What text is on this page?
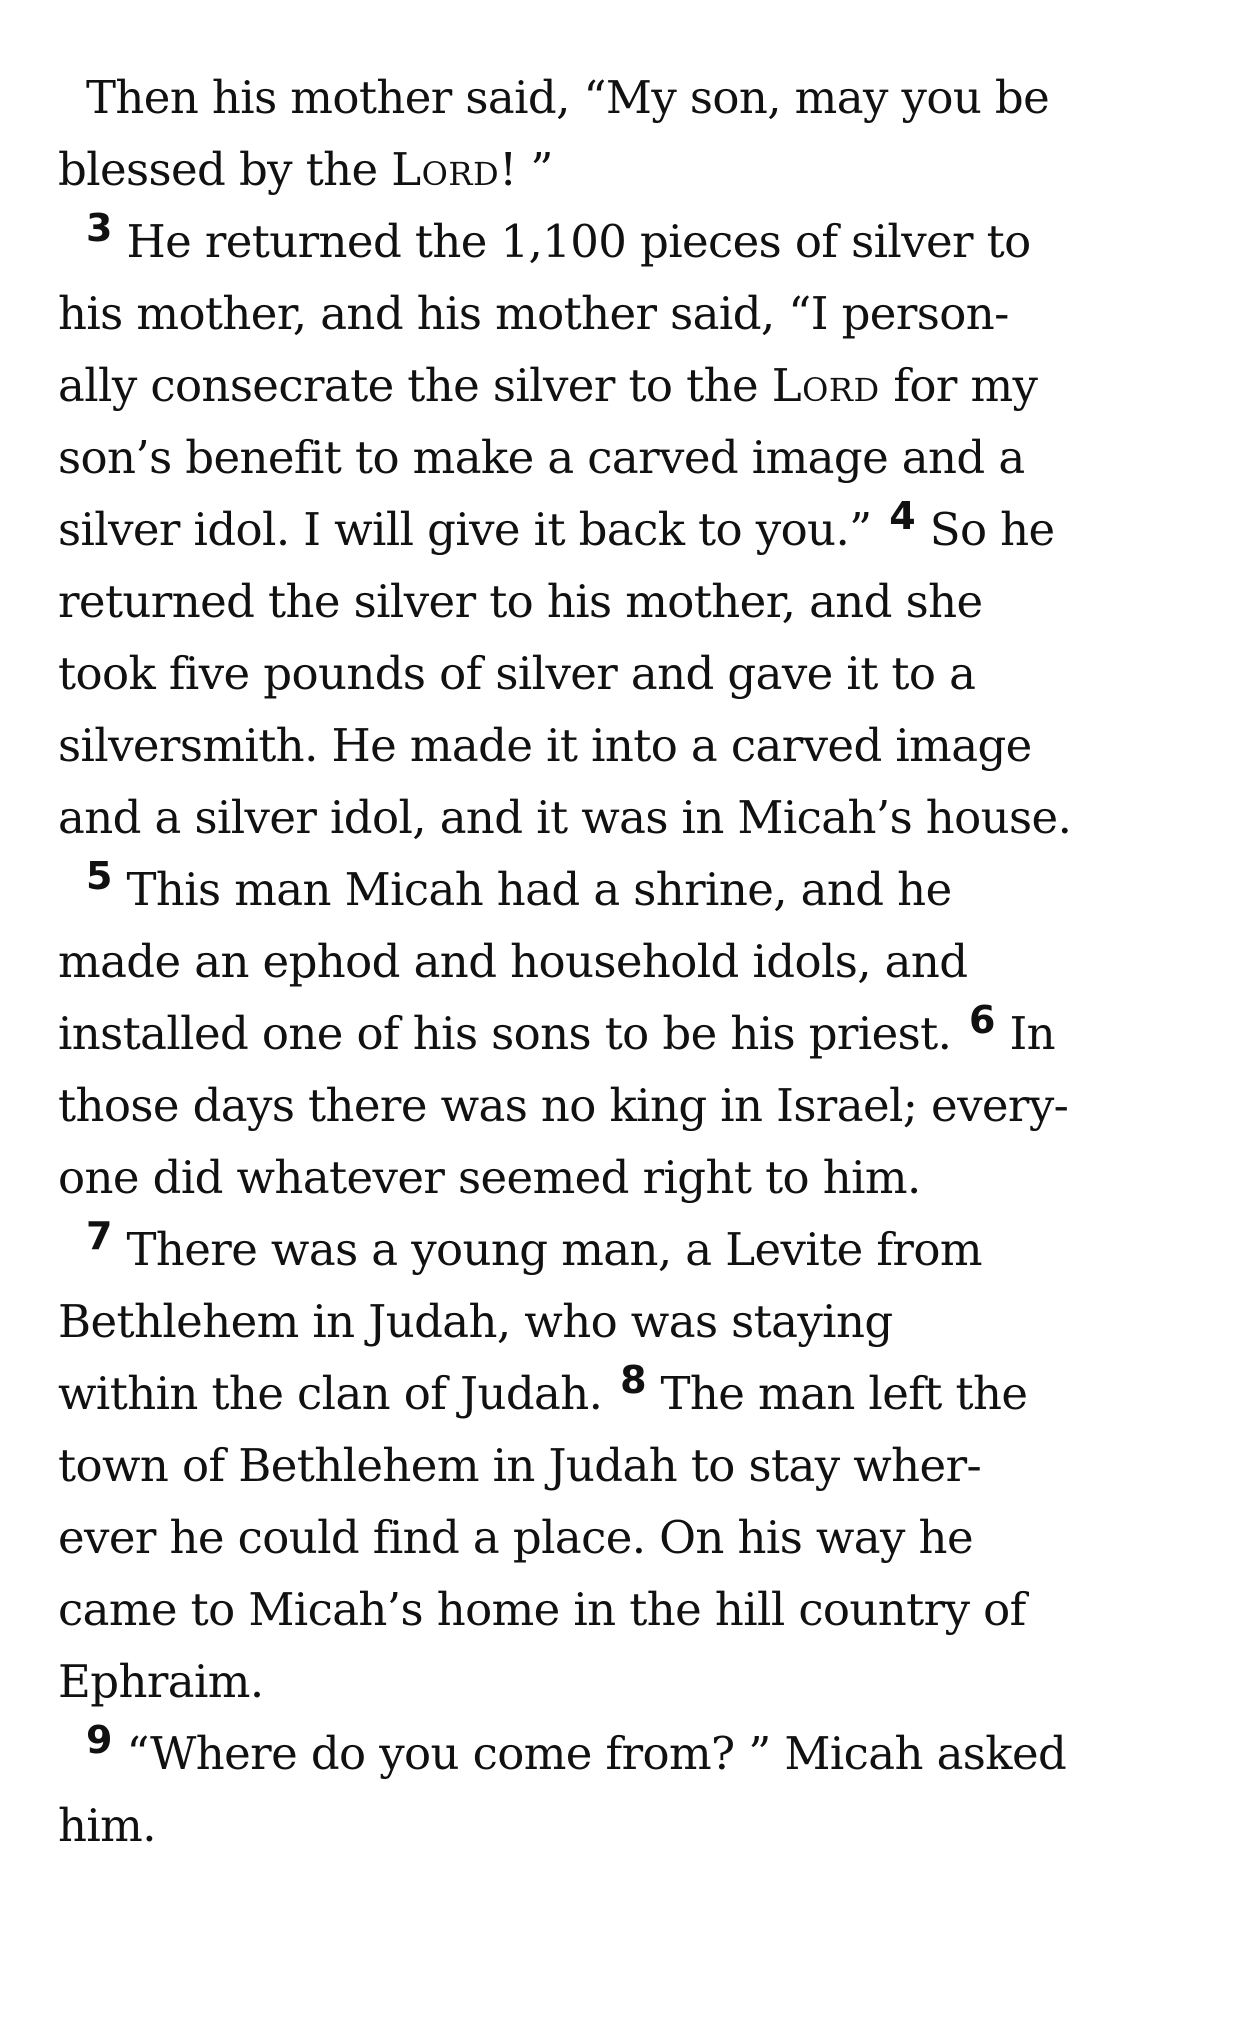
Then his mother said, “My son, may you be
blessed by the Lord! ”
$^3$ He returned the 1,100 pieces of silver to
his mother, and his mother said, “I person-
ally consecrate the silver to the Lord for my
son’s benefit to make a carved image and a
silver idol. I will give it back to you.” $^4$ So he
returned the silver to his mother, and she
took five pounds of silver and gave it to a
silversmith. He made it into a carved image
and a silver idol, and it was in Micah’s house.
$^5$ This man Micah had a shrine, and he
made an ephod and household idols, and
installed one of his sons to be his priest. $^6$ In
those days there was no king in Israel; every-
one did whatever seemed right to him.
$^7$ There was a young man, a Levite from
Bethlehem in Judah, who was staying
within the clan of Judah. $^8$ The man left the
town of Bethlehem in Judah to stay wher-
ever he could find a place. On his way he
came to Micah’s home in the hill country of
Ephraim.
$^9$ “Where do you come from? ” Micah asked
him.
